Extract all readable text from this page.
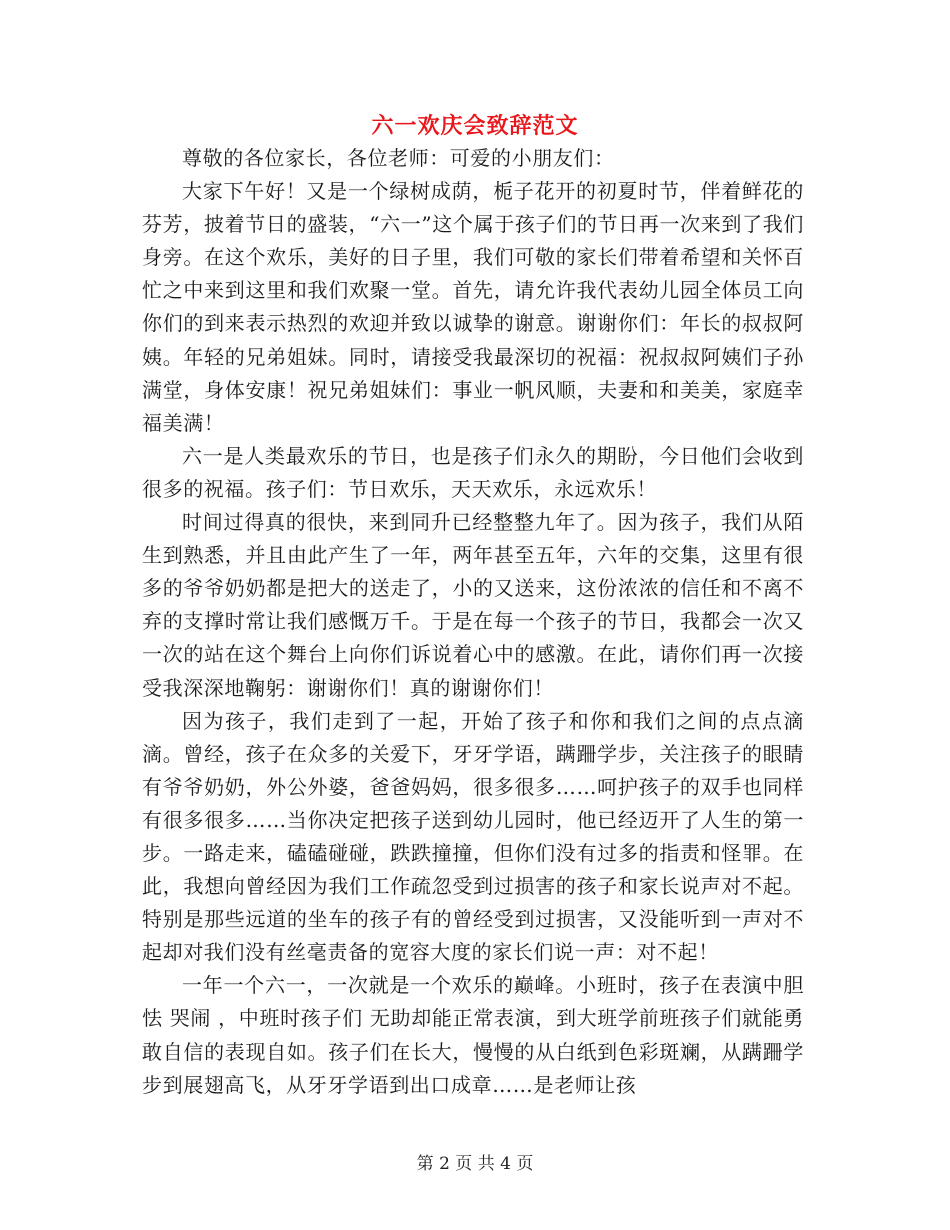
六一欢庆会致辞范文

尊敬的各位家长，各位老师：可爱的小朋友们：

大家下午好！又是一个绿树成荫，栀子花开的初夏时节，伴着鲜花的芬芳，披着节日的盛装，“六一”这个属于孩子们的节日再一次来到了我们身旁。在这个欢乐，美好的日子里，我们可敬的家长们带着希望和关怀百忙之中来到这里和我们欢聚一堂。首先，请允许我代表幼儿园全体员工向你们的到来表示热烈的欢迎并致以诚挚的谢意。谢谢你们：年长的叔叔阿姨。年轻的兄弟姐妹。同时，请接受我最深切的祝福：祝叔叔阿姨们子孙满堂，身体安康！祝兄弟姐妹们：事业一帆风顺，夫妻和和美美，家庭幸福美满！

六一是人类最欢乐的节日，也是孩子们永久的期盼，今日他们会收到很多的祝福。孩子们：节日欢乐，天天欢乐，永远欢乐！

时间过得真的很快，来到同升已经整整九年了。因为孩子，我们从陌生到熟悉，并且由此产生了一年，两年甚至五年，六年的交集，这里有很多的爷爷奶奶都是把大的送走了，小的又送来，这份浓浓的信任和不离不弃的支撑时常让我们感慨万千。于是在每一个孩子的节日，我都会一次又一次的站在这个舞台上向你们诉说着心中的感激。在此，请你们再一次接受我深深地鞠躬：谢谢你们！真的谢谢你们！

因为孩子，我们走到了一起，开始了孩子和你和我们之间的点点滴滴。曾经，孩子在众多的关爱下，牙牙学语，蹒跚学步，关注孩子的眼睛有爷爷奶奶，外公外婆，爸爸妈妈，很多很多……呵护孩子的双手也同样有很多很多……当你决定把孩子送到幼儿园时，他已经迈开了人生的第一步。一路走来，磕磕碰碰，跌跌撞撞，但你们没有过多的指责和怪罪。在此，我想向曾经因为我们工作疏忽受到过损害的孩子和家长说声对不起。特别是那些远道的坐车的孩子有的曾经受到过损害，又没能听到一声对不起却对我们没有丝毫责备的宽容大度的家长们说一声：对不起！

一年一个六一，一次就是一个欢乐的巅峰。小班时，孩子在表演中胆怯 哭闹 ，中班时孩子们 无助却能正常表演，到大班学前班孩子们就能勇敢自信的表现自如。孩子们在长大，慢慢的从白纸到色彩斑斓，从蹒跚学步到展翅高飞，从牙牙学语到出口成章……是老师让孩

第 2 页 共 4 页
